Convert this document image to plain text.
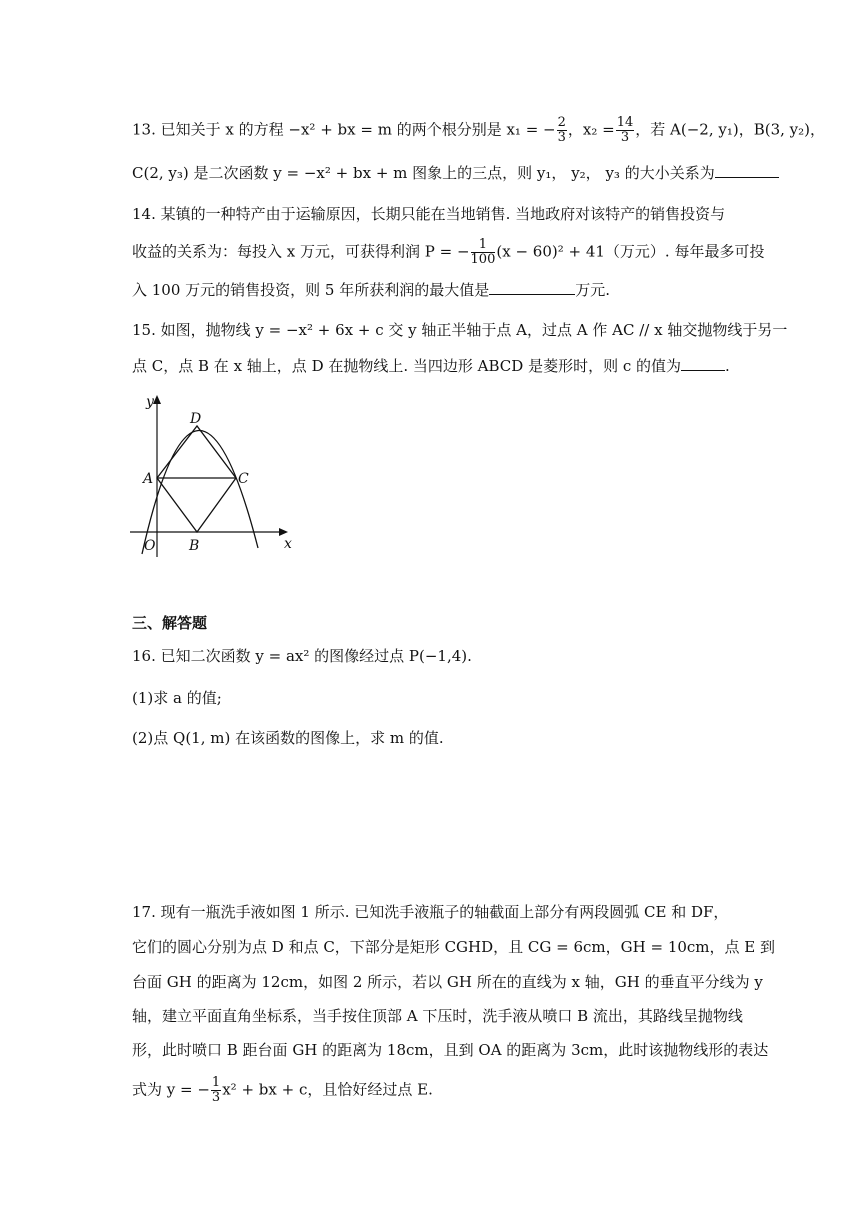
13. 已知关于 x 的方程 −x² + bx = m 的两个根分别是 x₁ = − $\frac{2}{3}$ ，$x_2 = \frac{14}{3}$ ，若 A(−2, y₁)，B(3, y₂)，
C(2, y₃) 是二次函数 y = −x² + bx + m 图象上的三点，则 y₁， y₂， y₃ 的大小关系为
14. 某镇的一种特产由于运输原因，长期只能在当地销售. 当地政府对该特产的销售投资与
收益的关系为：每投入 x 万元，可获得利润 P = − $\frac{1}{100} (x - 60)^2 + 41$（万元）. 每年最多可投
入 100 万元的销售投资，则 5 年所获利润的最大值是	万元.
15. 如图，抛物线 y = −x² + 6x + c 交 y 轴正半轴于点 A，过点 A 作 AC // x 轴交抛物线于另一
点 C，点 B 在 x 轴上，点 D 在抛物线上. 当四边形 ABCD 是菱形时，则 c 的值为	.
y
x
O
A
B
C
D
三、解答题
16. 已知二次函数 y = ax² 的图像经过点 P(−1,4).
(1)求 a 的值;
(2)点 Q(1, m) 在该函数的图像上，求 m 的值.
17. 现有一瓶洗手液如图 1 所示. 已知洗手液瓶子的轴截面上部分有两段圆弧 CE 和 DF，
它们的圆心分别为点 D 和点 C，下部分是矩形 CGHD，且 CG = 6cm，GH = 10cm，点 E 到
台面 GH 的距离为 12cm，如图 2 所示，若以 GH 所在的直线为 x 轴，GH 的垂直平分线为 y
轴，建立平面直角坐标系，当手按住顶部 A 下压时，洗手液从喷口 B 流出，其路线呈抛物线
形，此时喷口 B 距台面 GH 的距离为 18cm，且到 OA 的距离为 3cm，此时该抛物线形的表达
式为 y = − $\frac{1}{3} x^2$ + bx + c，且恰好经过点 E.
